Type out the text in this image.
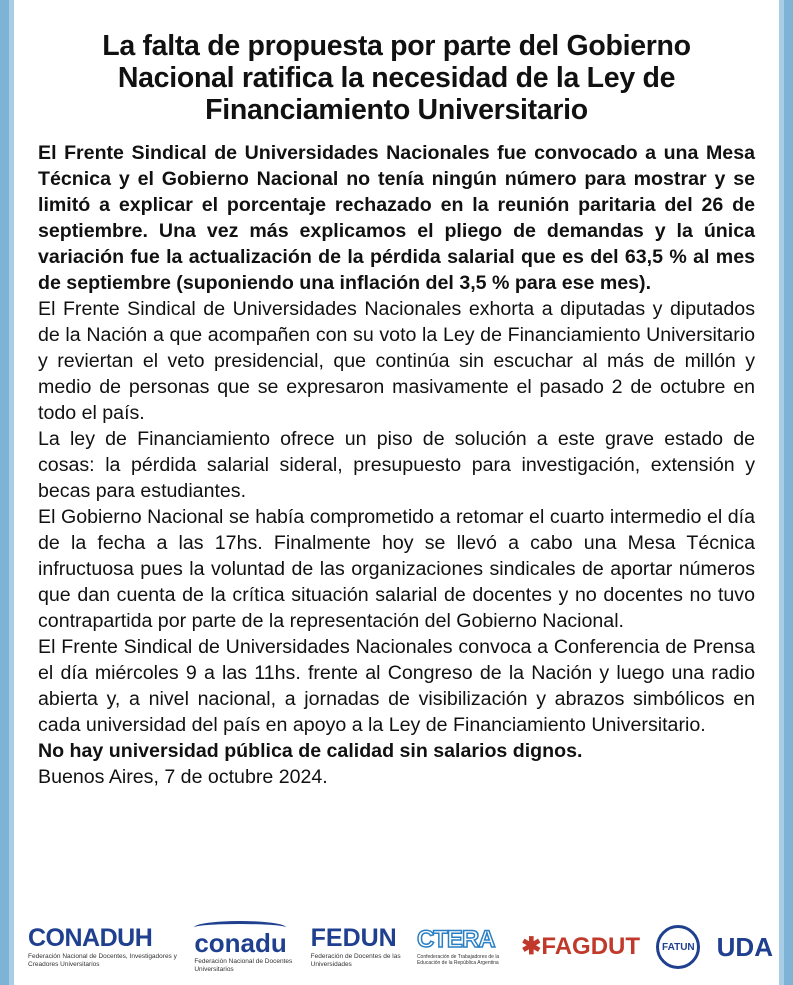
La falta de propuesta por parte del Gobierno Nacional ratifica la necesidad de la Ley de Financiamiento Universitario

El Frente Sindical de Universidades Nacionales fue convocado a una Mesa Técnica y el Gobierno Nacional no tenía ningún número para mostrar y se limitó a explicar el porcentaje rechazado en la reunión paritaria del 26 de septiembre. Una vez más explicamos el pliego de demandas y la única variación fue la actualización de la pérdida salarial que es del 63,5 % al mes de septiembre (suponiendo una inflación del 3,5 % para ese mes).

El Frente Sindical de Universidades Nacionales exhorta a diputadas y diputados de la Nación a que acompañen con su voto la Ley de Financiamiento Universitario y reviertan el veto presidencial, que continúa sin escuchar al más de millón y medio de personas que se expresaron masivamente el pasado 2 de octubre en todo el país.

La ley de Financiamiento ofrece un piso de solución a este grave estado de cosas: la pérdida salarial sideral, presupuesto para investigación, extensión y becas para estudiantes.

El Gobierno Nacional se había comprometido a retomar el cuarto intermedio el día de la fecha a las 17hs. Finalmente hoy se llevó a cabo una Mesa Técnica infructuosa pues la voluntad de las organizaciones sindicales de aportar números que dan cuenta de la crítica situación salarial de docentes y no docentes no tuvo contrapartida por parte de la representación del Gobierno Nacional.

El Frente Sindical de Universidades Nacionales convoca a Conferencia de Prensa el día miércoles 9 a las 11hs. frente al Congreso de la Nación y luego una radio abierta y, a nivel nacional, a jornadas de visibilización y abrazos simbólicos en cada universidad del país en apoyo a la Ley de Financiamiento Universitario.

No hay universidad pública de calidad sin salarios dignos.

Buenos Aires, 7 de octubre 2024.

CONADUH
Federación Nacional de Docentes, Investigadores y Creadores Universitarios
conadu
Federación Nacional de Docentes Universitarios
FEDUN
Federación de Docentes de las Universidades
CTERA
Confederación de Trabajadores de la Educación de la República Argentina
✱FAGDUT FATUN UDA
